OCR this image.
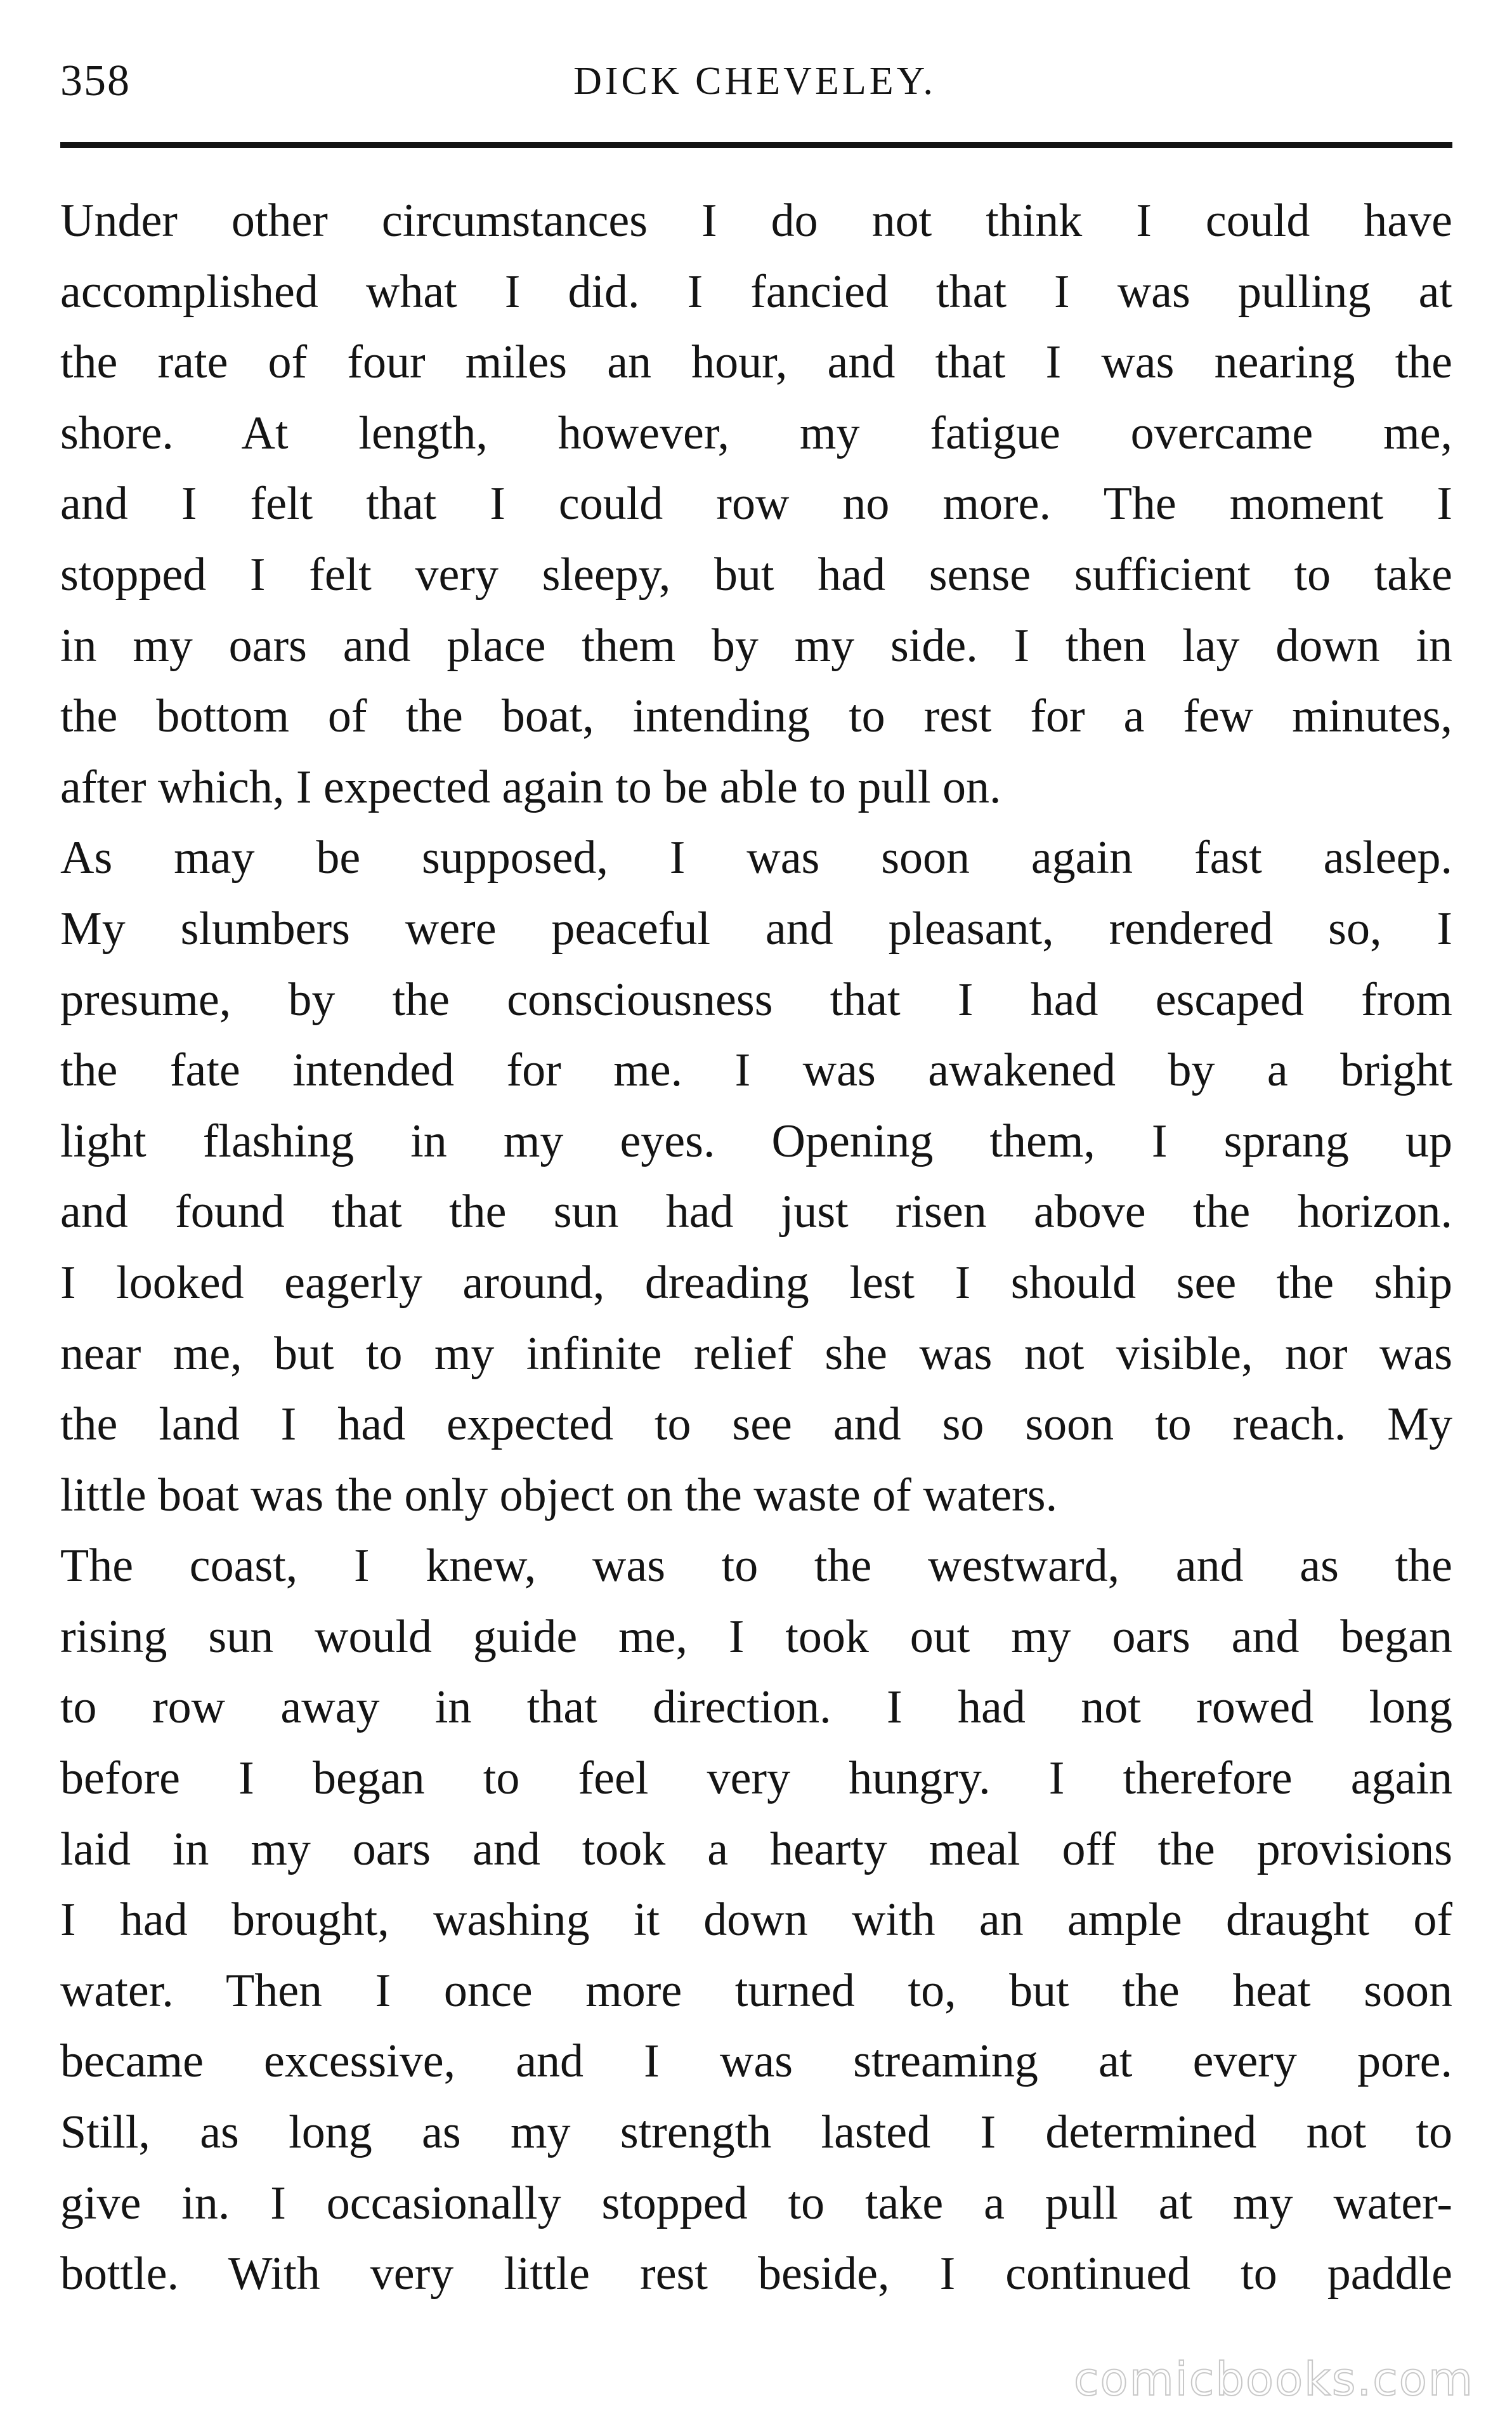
358	DICK CHEVELEY.
Under other circumstances I do not think I could have
accomplished what I did. I fancied that I was pulling at
the rate of four miles an hour, and that I was nearing the
shore. At length, however, my fatigue overcame me,
and I felt that I could row no more. The moment I
stopped I felt very sleepy, but had sense sufficient to take
in my oars and place them by my side. I then lay down in
the bottom of the boat, intending to rest for a few minutes,
after which, I expected again to be able to pull on.
As may be supposed, I was soon again fast asleep.
My slumbers were peaceful and pleasant, rendered so, I
presume, by the consciousness that I had escaped from
the fate intended for me. I was awakened by a bright
light flashing in my eyes. Opening them, I sprang up
and found that the sun had just risen above the horizon.
I looked eagerly around, dreading lest I should see the ship
near me, but to my infinite relief she was not visible, nor was
the land I had expected to see and so soon to reach. My
little boat was the only object on the waste of waters.
The coast, I knew, was to the westward, and as the
rising sun would guide me, I took out my oars and began
to row away in that direction. I had not rowed long
before I began to feel very hungry. I therefore again
laid in my oars and took a hearty meal off the provisions
I had brought, washing it down with an ample draught of
water. Then I once more turned to, but the heat soon
became excessive, and I was streaming at every pore.
Still, as long as my strength lasted I determined not to
give in. I occasionally stopped to take a pull at my water-
bottle. With very little rest beside, I continued to paddle
comicbooks.com
